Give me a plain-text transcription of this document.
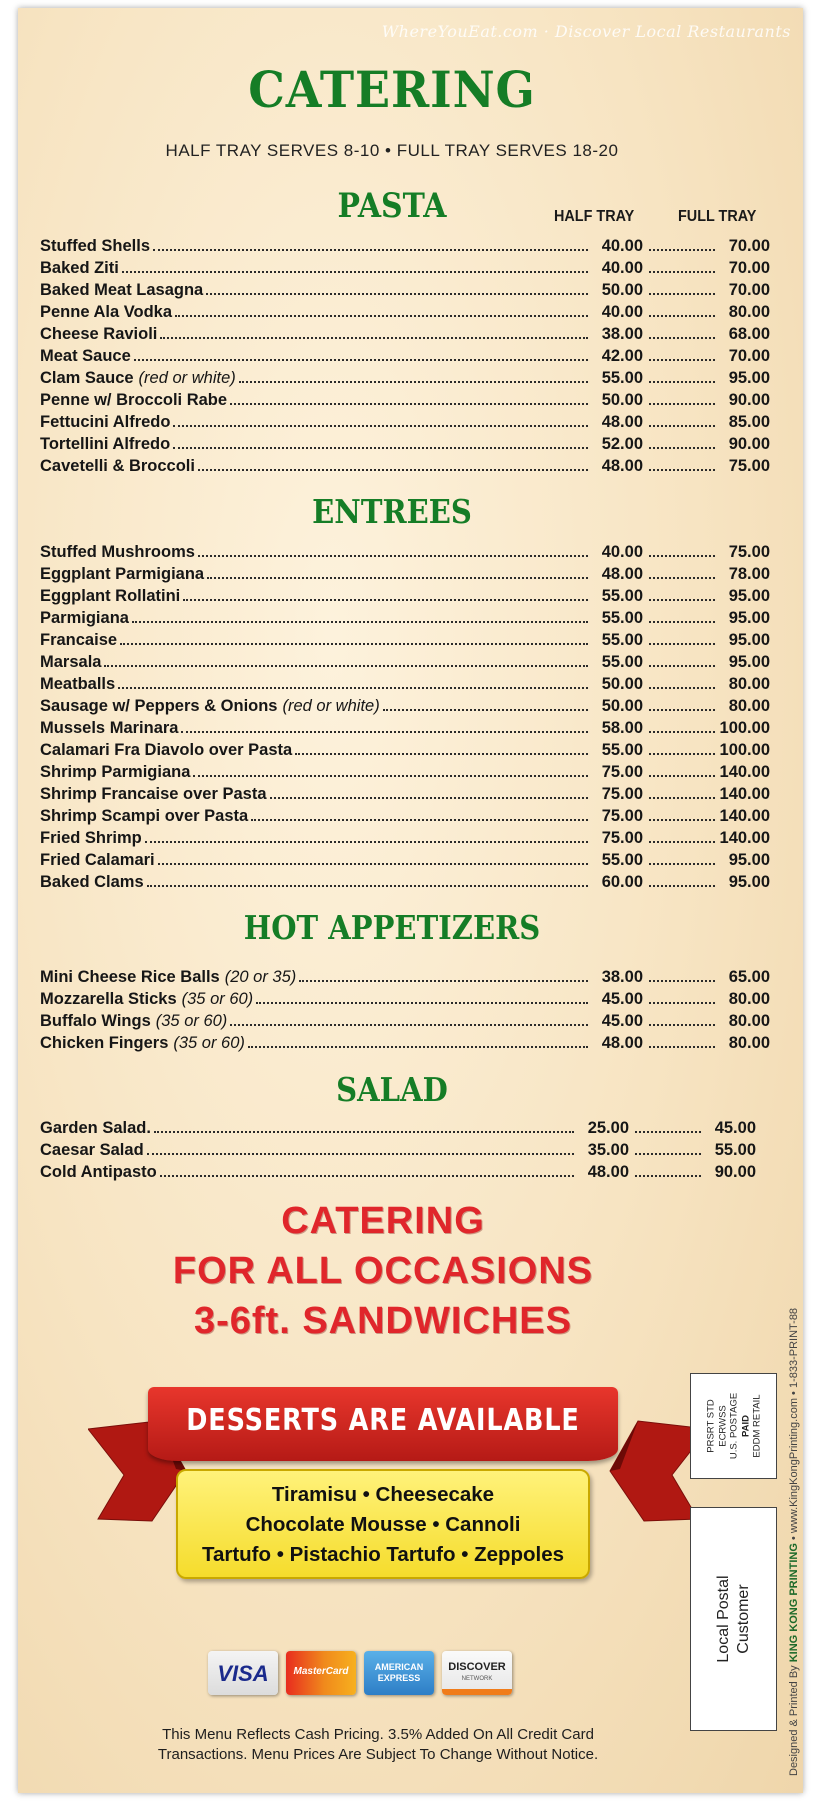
WhereYouEat.com · Discover Local Restaurants
CATERING
HALF TRAY SERVES 8-10 • FULL TRAY SERVES 18-20
PASTA	HALF TRAY	FULL TRAY
Stuffed Shells	40.00	70.00
Baked Ziti	40.00	70.00
Baked Meat Lasagna	50.00	70.00
Penne Ala Vodka	40.00	80.00
Cheese Ravioli	38.00	68.00
Meat Sauce	42.00	70.00
Clam Sauce (red or white)	55.00	95.00
Penne w/ Broccoli Rabe	50.00	90.00
Fettucini Alfredo	48.00	85.00
Tortellini Alfredo	52.00	90.00
Cavetelli & Broccoli	48.00	75.00
ENTREES
Stuffed Mushrooms	40.00	75.00
Eggplant Parmigiana	48.00	78.00
Eggplant Rollatini	55.00	95.00
Parmigiana	55.00	95.00
Francaise	55.00	95.00
Marsala	55.00	95.00
Meatballs	50.00	80.00
Sausage w/ Peppers & Onions (red or white)	50.00	80.00
Mussels Marinara	58.00	100.00
Calamari Fra Diavolo over Pasta	55.00	100.00
Shrimp Parmigiana	75.00	140.00
Shrimp Francaise over Pasta	75.00	140.00
Shrimp Scampi over Pasta	75.00	140.00
Fried Shrimp	75.00	140.00
Fried Calamari	55.00	95.00
Baked Clams	60.00	95.00
HOT APPETIZERS
Mini Cheese Rice Balls (20 or 35)	38.00	65.00
Mozzarella Sticks (35 or 60)	45.00	80.00
Buffalo Wings (35 or 60)	45.00	80.00
Chicken Fingers (35 or 60)	48.00	80.00
SALAD
Garden Salad.	25.00	45.00
Caesar Salad	35.00	55.00
Cold Antipasto	48.00	90.00
CATERING
FOR ALL OCCASIONS
3-6ft. SANDWICHES
Tiramisu • Cheesecake
Chocolate Mousse • Cannoli
Tartufo • Pistachio Tartufo • Zeppoles
DESSERTS ARE AVAILABLE
VISA	MasterCard	AMERICAN EXPRESS
DISCOVER
NETWORK
This Menu Reflects Cash Pricing. 3.5% Added On All Credit Card
Transactions. Menu Prices Are Subject To Change Without Notice.
PRSRT STD ECRWSS U.S. POSTAGE PAID EDDM RETAIL
Local Postal Customer
Designed & Printed By KING KONG PRINTING • www.KingKongPrinting.com • 1-833-PRINT-88
